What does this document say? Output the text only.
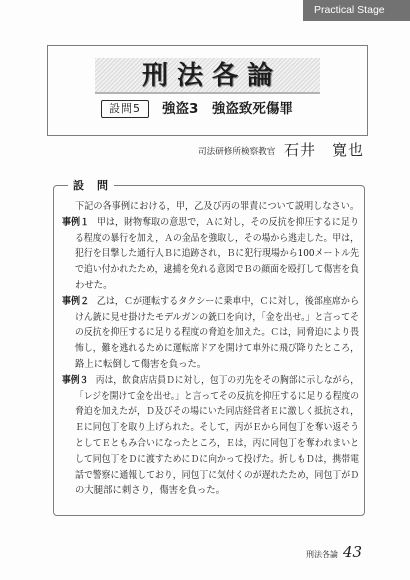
Practical Stage
刑法各論
設問5	強盗3　強盗致死傷罪
司法研修所検察教官 石井　寛也
設　問
下記の各事例における，甲，乙及び丙の罪責について説明しなさい。
事例１ 甲は，財物奪取の意思で，Ａに対し，その反抗を抑圧するに足り
る程度の暴行を加え，Ａの金品を強取し，その場から逃走した。甲は，
犯行を目撃した通行人Ｂに追跡され，Ｂに犯行現場から100メートル先
で追い付かれたため，逮捕を免れる意図でＢの顔面を殴打して傷害を負
わせた。
事例２ 乙は，Ｃが運転するタクシーに乗車中，Ｃに対し，後部座席から
けん銃に見せ掛けたモデルガンの銃口を向け，「金を出せ。」と言ってそ
の反抗を抑圧するに足りる程度の脅迫を加えた。Ｃは，同脅迫により畏
怖し，難を逃れるために運転席ドアを開けて車外に飛び降りたところ，
路上に転倒して傷害を負った。
事例３ 丙は，飲食店店員Ｄに対し，包丁の刃先をその胸部に示しながら，
「レジを開けて金を出せ。」と言ってその反抗を抑圧するに足りる程度の
脅迫を加えたが，Ｄ及びその場にいた同店経営者Ｅに激しく抵抗され，
Ｅに同包丁を取り上げられた。そして，丙がＥから同包丁を奪い返そう
としてＥともみ合いになったところ，Ｅは，丙に同包丁を奪われまいと
して同包丁をＤに渡すためにＤに向かって投げた。折しもＤは，携帯電
話で警察に通報しており，同包丁に気付くのが遅れたため，同包丁がＤ
の大腿部に刺さり，傷害を負った。
刑法各論 43
